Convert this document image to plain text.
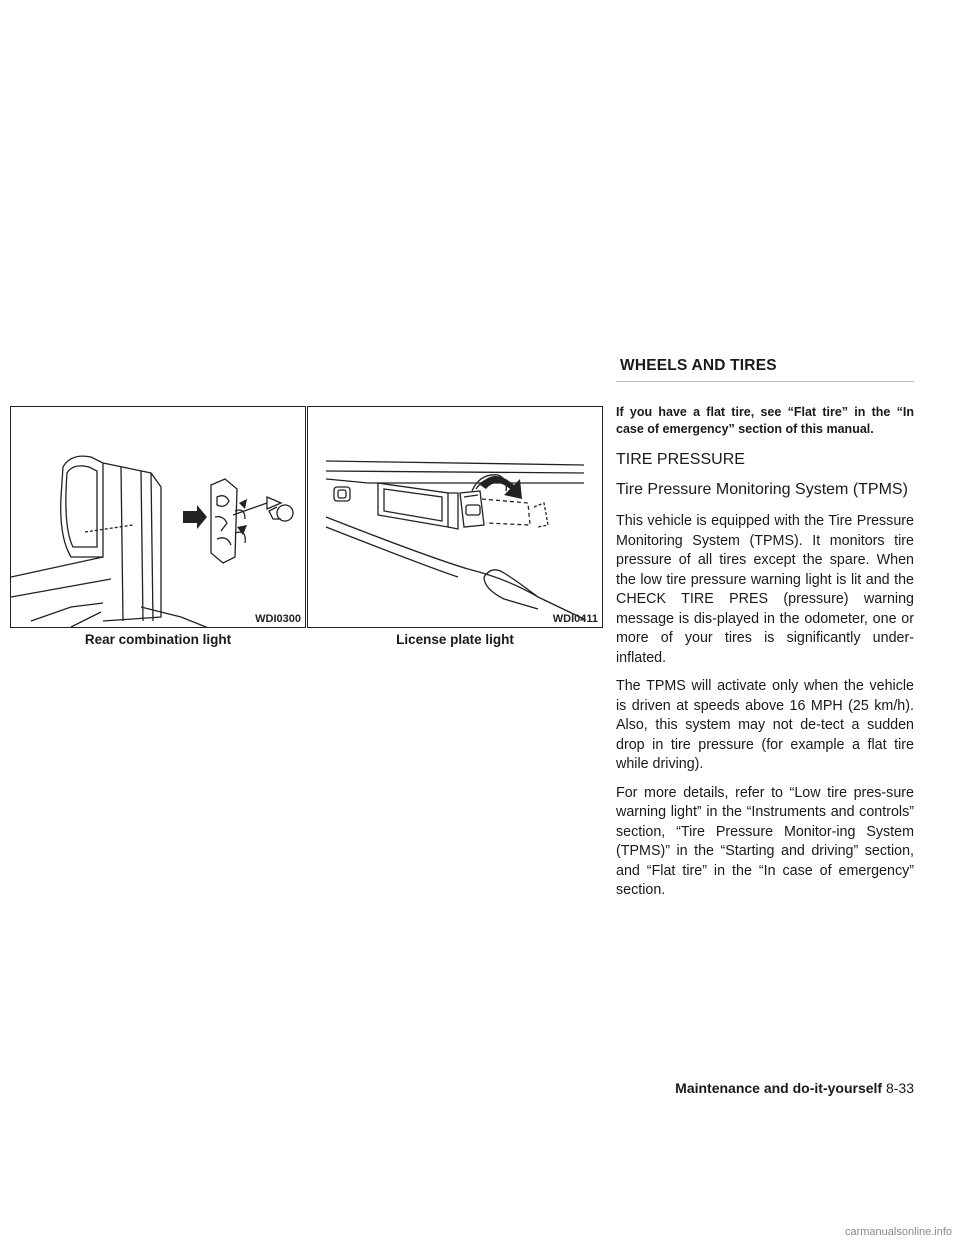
WHEELS AND TIRES
WDI0300
Rear combination light
WDI0411
License plate light

If you have a flat tire, see “Flat tire” in the “In case of emergency” section of this manual.

TIRE PRESSURE
Tire Pressure Monitoring System (TPMS)

This vehicle is equipped with the Tire Pressure Monitoring System (TPMS). It monitors tire pressure of all tires except the spare. When the low tire pressure warning light is lit and the CHECK TIRE PRES (pressure) warning message is dis-played in the odometer, one or more of your tires is significantly under-inflated.

The TPMS will activate only when the vehicle is driven at speeds above 16 MPH (25 km/h). Also, this system may not de-tect a sudden drop in tire pressure (for example a flat tire while driving).

For more details, refer to “Low tire pres-sure warning light” in the “Instruments and controls” section, “Tire Pressure Monitor-ing System (TPMS)” in the “Starting and driving” section, and “Flat tire” in the “In case of emergency” section.

Maintenance and do-it-yourself 8-33
carmanualsonline.info
